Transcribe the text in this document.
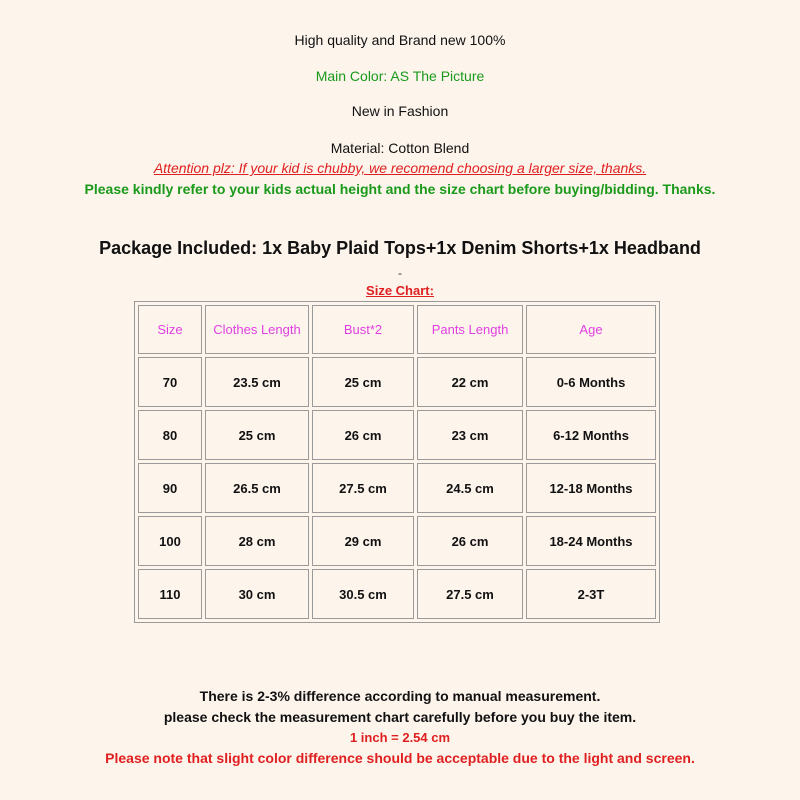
High quality and Brand new 100%
Main Color: AS The Picture
New in Fashion
Material: Cotton Blend
Attention plz: If your kid is chubby, we recomend choosing a larger size, thanks.
Please kindly refer to your kids actual height and the size chart before buying/bidding. Thanks.
Package Included: 1x Baby Plaid Tops+1x Denim Shorts+1x Headband
-
Size Chart:
Size	Clothes Length	Bust*2	Pants Length	Age
70	23.5 cm	25 cm	22 cm	0-6 Months
80	25 cm	26 cm	23 cm	6-12 Months
90	26.5 cm	27.5 cm	24.5 cm	12-18 Months
100	28 cm	29 cm	26 cm	18-24 Months
110	30 cm	30.5 cm	27.5 cm	2-3T
There is 2-3% difference according to manual measurement.
please check the measurement chart carefully before you buy the item.
1 inch = 2.54 cm
Please note that slight color difference should be acceptable due to the light and screen.
